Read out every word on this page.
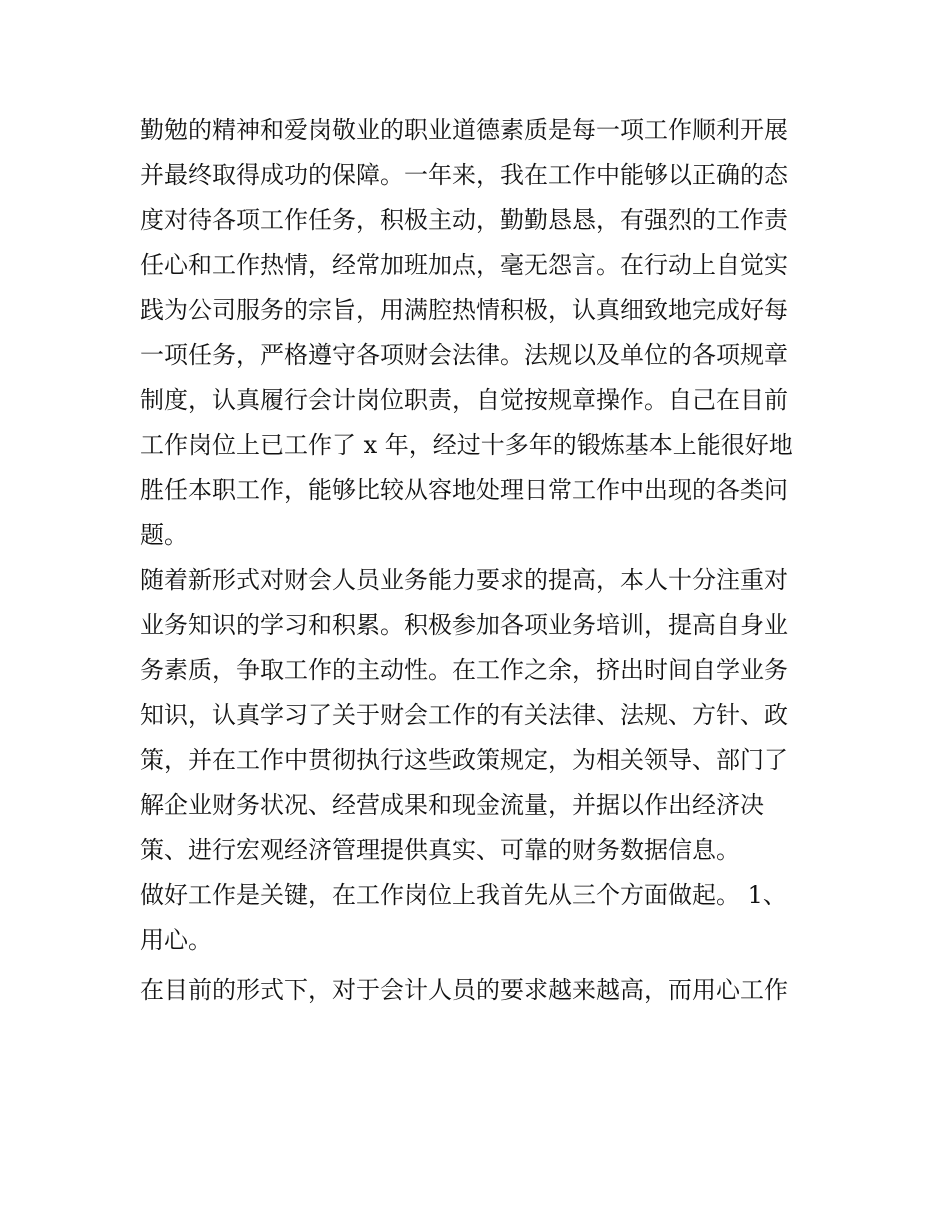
勤勉的精神和爱岗敬业的职业道德素质是每一项工作顺利开展
并最终取得成功的保障。一年来，我在工作中能够以正确的态
度对待各项工作任务，积极主动，勤勤恳恳，有强烈的工作责
任心和工作热情，经常加班加点，毫无怨言。在行动上自觉实
践为公司服务的宗旨，用满腔热情积极，认真细致地完成好每
一项任务，严格遵守各项财会法律。法规以及单位的各项规章
制度，认真履行会计岗位职责，自觉按规章操作。自己在目前
工作岗位上已工作了 x 年，经过十多年的锻炼基本上能很好地
胜任本职工作，能够比较从容地处理日常工作中出现的各类问
题。
随着新形式对财会人员业务能力要求的提高，本人十分注重对
业务知识的学习和积累。积极参加各项业务培训，提高自身业
务素质，争取工作的主动性。在工作之余，挤出时间自学业务
知识，认真学习了关于财会工作的有关法律、法规、方针、政
策，并在工作中贯彻执行这些政策规定，为相关领导、部门了
解企业财务状况、经营成果和现金流量，并据以作出经济决
策、进行宏观经济管理提供真实、可靠的财务数据信息。
做好工作是关键，在工作岗位上我首先从三个方面做起。 1、
用心。
在目前的形式下，对于会计人员的要求越来越高，而用心工作
